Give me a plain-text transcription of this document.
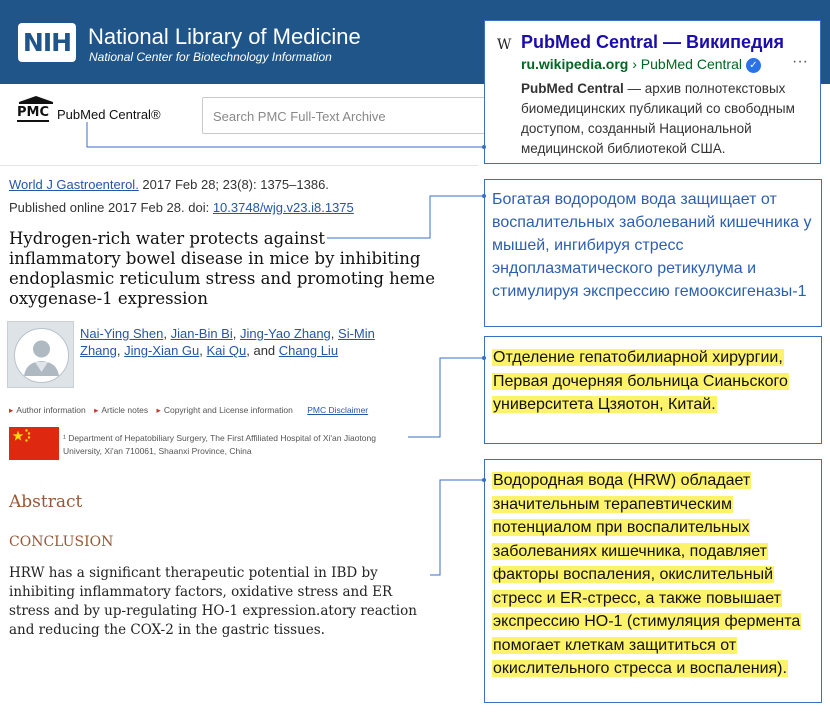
NIH National Library of Medicine
National Center for Biotechnology Information
PMC PubMed Central®	Search PMC Full-Text Archive
W PubMed Central — Википедия
ru.wikipedia.org › PubMed Central ✓ ···
PubMed Central — архив полнотекстовых биомедицинских публикаций со свободным доступом, созданный Национальной медицинской библиотекой США.
World J Gastroenterol. 2017 Feb 28; 23(8): 1375–1386.
Published online 2017 Feb 28. doi: 10.3748/wjg.v23.i8.1375
Hydrogen-rich water protects against inflammatory bowel disease in mice by inhibiting endoplasmic reticulum stress and promoting heme oxygenase-1 expression
Nai-Ying Shen, Jian-Bin Bi, Jing-Yao Zhang, Si-Min Zhang, Jing-Xian Gu, Kai Qu, and Chang Liu
▸ Author information ▸ Article notes ▸ Copyright and License information PMC Disclaimer
¹ Department of Hepatobiliary Surgery, The First Affiliated Hospital of Xi'an Jiaotong University, Xi'an 710061, Shaanxi Province, China
Abstract
CONCLUSION
HRW has a significant therapeutic potential in IBD by inhibiting inflammatory factors, oxidative stress and ER stress and by up-regulating HO-1 expression.atory reaction and reducing the COX-2 in the gastric tissues.
Богатая водородом вода защищает от воспалительных заболеваний кишечника у мышей, ингибируя стресс эндоплазматического ретикулума и стимулируя экспрессию гемооксигеназы-1
Отделение гепатобилиарной хирургии, Первая дочерняя больница Сианьского университета Цзяотон, Китай.
Водородная вода (HRW) обладает значительным терапевтическим потенциалом при воспалительных заболеваниях кишечника, подавляет факторы воспаления, окислительный стресс и ER-стресс, а также повышает экспрессию HO-1 (стимуляция фермента помогает клеткам защититься от окислительного стресса и воспаления).
